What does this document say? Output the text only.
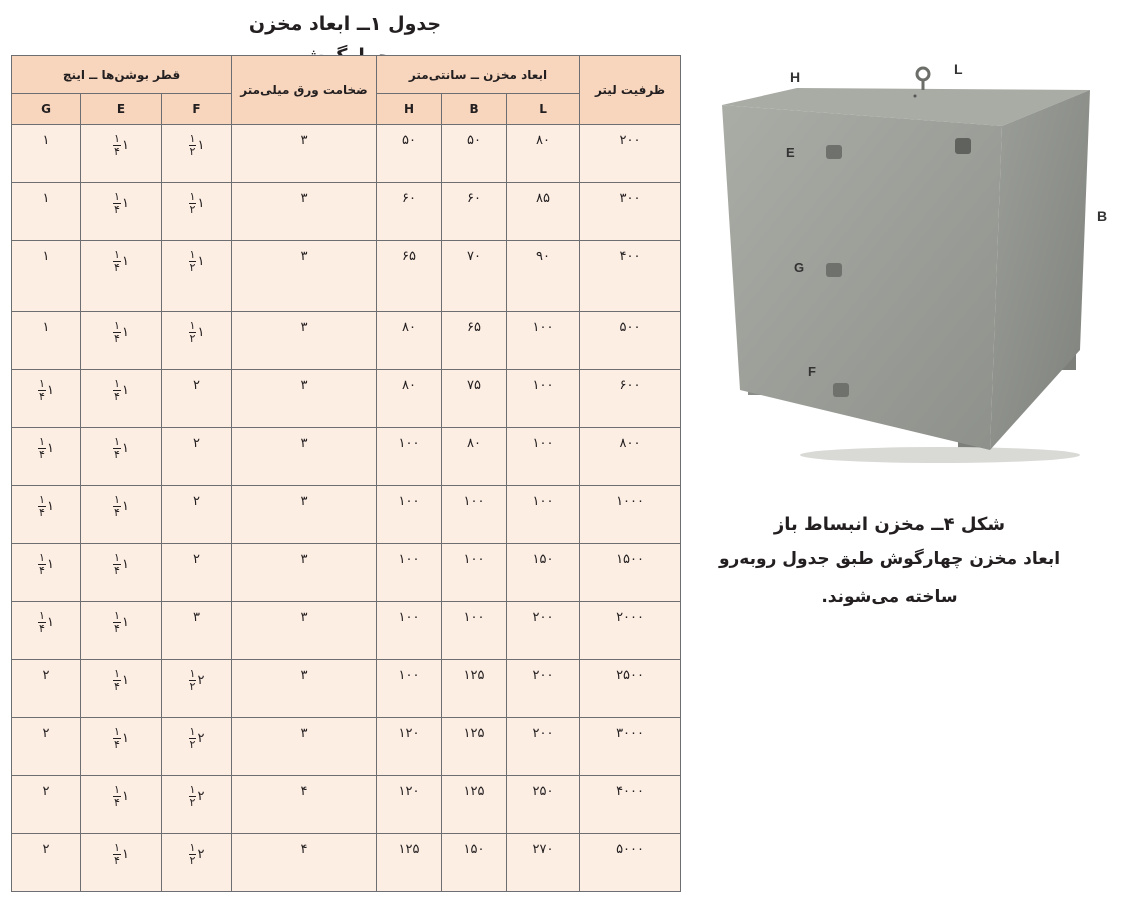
جدول ۱ــ ابعاد مخزن
قطر بوشن‌ها ــ اینچ			ضخامت ورق میلی‌متر	ابعاد مخزن ــ سانتی‌متر			ظرفیت لیتر
G	E	F		H	B	L	

۱	$\frac{۱}{۴}$ ۱	$\frac{۱}{۲}$ ۱	۳	۵۰	۵۰	۸۰	۲۰۰

۱	$\frac{۱}{۴}$ ۱	$\frac{۱}{۲}$ ۱	۳	۶۰	۶۰	۸۵	۳۰۰

۱	$\frac{۱}{۴}$ ۱	$\frac{۱}{۲}$ ۱	۳	۶۵	۷۰	۹۰	۴۰۰

۱	$\frac{۱}{۴}$ ۱	$\frac{۱}{۲}$ ۱	۳	۸۰	۶۵	۱۰۰	۵۰۰

$\frac{۱}{۴}$ ۱	$\frac{۱}{۴}$ ۱	۲	۳	۸۰	۷۵	۱۰۰	۶۰۰

$\frac{۱}{۴}$ ۱	$\frac{۱}{۴}$ ۱	۲	۳	۱۰۰	۸۰	۱۰۰	۸۰۰

$\frac{۱}{۴}$ ۱	$\frac{۱}{۴}$ ۱	۲	۳	۱۰۰	۱۰۰	۱۰۰	۱۰۰۰

$\frac{۱}{۴}$ ۱	$\frac{۱}{۴}$ ۱	۲	۳	۱۰۰	۱۰۰	۱۵۰	۱۵۰۰

$\frac{۱}{۴}$ ۱	$\frac{۱}{۴}$ ۱	۳	۳	۱۰۰	۱۰۰	۲۰۰	۲۰۰۰

۲	$\frac{۱}{۴}$ ۱	$\frac{۱}{۲}$ ۲	۳	۱۰۰	۱۲۵	۲۰۰	۲۵۰۰

۲	$\frac{۱}{۴}$ ۱	$\frac{۱}{۲}$ ۲	۳	۱۲۰	۱۲۵	۲۰۰	۳۰۰۰

۲	$\frac{۱}{۴}$ ۱	$\frac{۱}{۲}$ ۲	۴	۱۲۰	۱۲۵	۲۵۰	۴۰۰۰

۲	$\frac{۱}{۴}$ ۱	$\frac{۱}{۲}$ ۲	۴	۱۲۵	۱۵۰	۲۷۰	۵۰۰۰
H	L
E
B
G
F
شکل ۴ــ مخزن انبساط باز
ابعاد مخزن چهارگوش طبق جدول روبه‌رو
ساخته می‌شوند.
